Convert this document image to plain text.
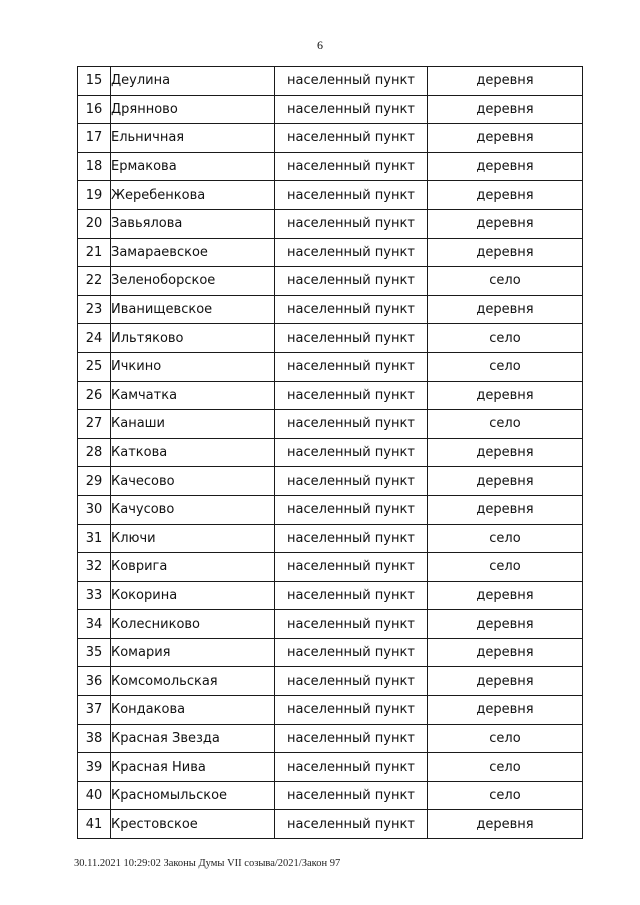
6
15	Деулина	населенный пункт	деревня
16	Дрянново	населенный пункт	деревня
17	Ельничная	населенный пункт	деревня
18	Ермакова	населенный пункт	деревня
19	Жеребенкова	населенный пункт	деревня
20	Завьялова	населенный пункт	деревня
21	Замараевское	населенный пункт	деревня
22	Зеленоборское	населенный пункт	село
23	Иванищевское	населенный пункт	деревня
24	Ильтяково	населенный пункт	село
25	Ичкино	населенный пункт	село
26	Камчатка	населенный пункт	деревня
27	Канаши	населенный пункт	село
28	Каткова	населенный пункт	деревня
29	Качесово	населенный пункт	деревня
30	Качусово	населенный пункт	деревня
31	Ключи	населенный пункт	село
32	Коврига	населенный пункт	село
33	Кокорина	населенный пункт	деревня
34	Колесниково	населенный пункт	деревня
35	Комария	населенный пункт	деревня
36	Комсомольская	населенный пункт	деревня
37	Кондакова	населенный пункт	деревня
38	Красная Звезда	населенный пункт	село
39	Красная Нива	населенный пункт	село
40	Красномыльское	населенный пункт	село
41	Крестовское	населенный пункт	деревня
30.11.2021 10:29:02 Законы Думы VII созыва/2021/Закон 97
